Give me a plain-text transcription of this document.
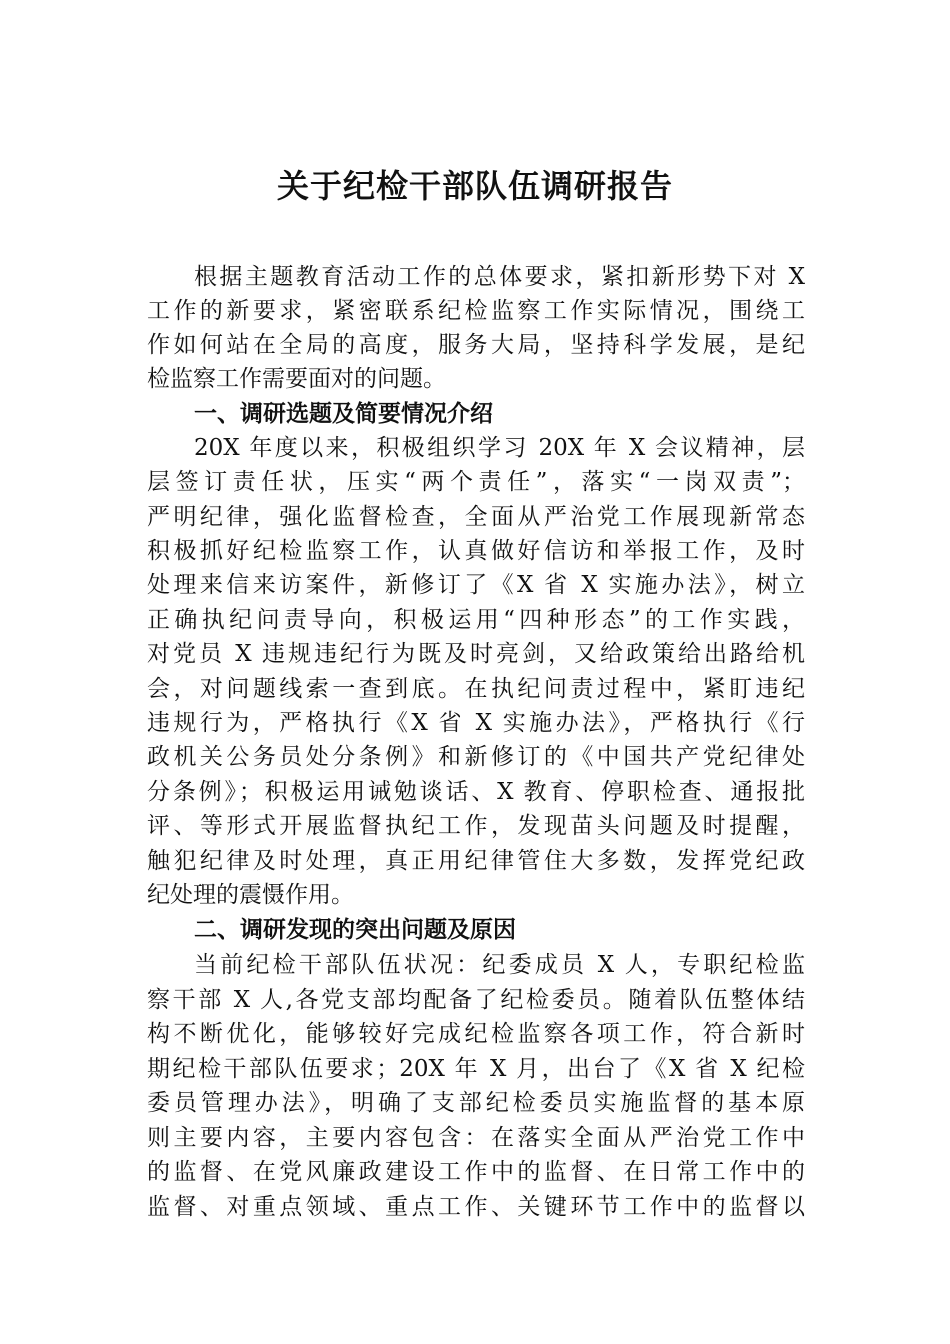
关于纪检干部队伍调研报告

根据主题教育活动工作的总体要求，紧扣新形势下对 X

工作的新要求，紧密联系纪检监察工作实际情况，围绕工

作如何站在全局的高度，服务大局，坚持科学发展，是纪

检监察工作需要面对的问题。

一、调研选题及简要情况介绍

20X 年度以来，积极组织学习 20X 年 X 会议精神，层

层签订责任状，压实“两个责任”，落实“一岗双责”；

严明纪律，强化监督检查，全面从严治党工作展现新常态

积极抓好纪检监察工作，认真做好信访和举报工作，及时

处理来信来访案件，新修订了《X 省 X 实施办法》，树立

正确执纪问责导向，积极运用“四种形态”的工作实践，

对党员 X 违规违纪行为既及时亮剑，又给政策给出路给机

会，对问题线索一查到底。在执纪问责过程中，紧盯违纪

违规行为，严格执行《X 省 X 实施办法》，严格执行《行

政机关公务员处分条例》和新修订的《中国共产党纪律处

分条例》；积极运用诫勉谈话、X 教育、停职检查、通报批

评、等形式开展监督执纪工作，发现苗头问题及时提醒，

触犯纪律及时处理，真正用纪律管住大多数，发挥党纪政

纪处理的震慑作用。

二、调研发现的突出问题及原因

当前纪检干部队伍状况：纪委成员 X 人，专职纪检监

察干部 X 人,各党支部均配备了纪检委员。随着队伍整体结

构不断优化，能够较好完成纪检监察各项工作，符合新时

期纪检干部队伍要求；20X 年 X 月，出台了《X 省 X 纪检

委员管理办法》，明确了支部纪检委员实施监督的基本原

则主要内容，主要内容包含：在落实全面从严治党工作中

的监督、在党风廉政建设工作中的监督、在日常工作中的

监督、对重点领域、重点工作、关键环节工作中的监督以
